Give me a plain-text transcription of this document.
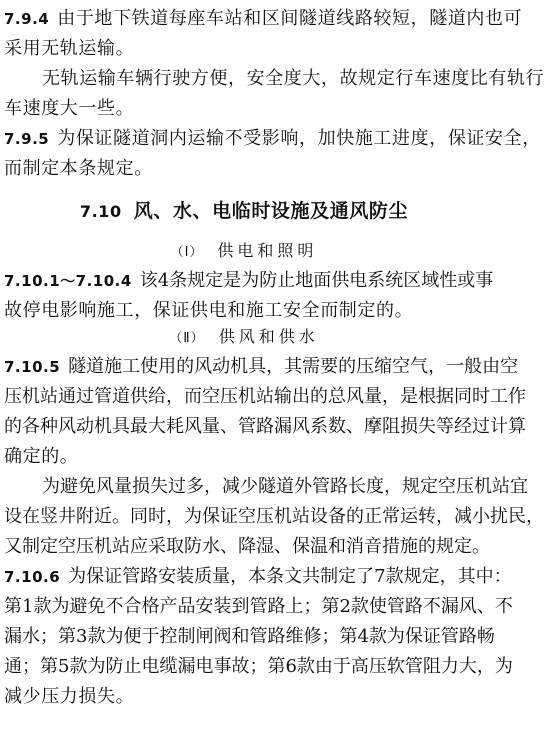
7.9.4 由于地下铁道每座车站和区间隧道线路较短，隧道内也可
采用无轨运输。
无轨运输车辆行驶方便，安全度大，故规定行车速度比有轨行
车速度大一些。
7.9.5 为保证隧道洞内运输不受影响，加快施工进度，保证安全，
而制定本条规定。
7.10 风、水、电临时设施及通风防尘
（Ⅰ） 供电和照明
7.10.1～7.10.4 该4条规定是为防止地面供电系统区域性或事
故停电影响施工，保证供电和施工安全而制定的。
（Ⅱ） 供风和供水
7.10.5 隧道施工使用的风动机具，其需要的压缩空气，一般由空
压机站通过管道供给，而空压机站输出的总风量，是根据同时工作
的各种风动机具最大耗风量、管路漏风系数、摩阻损失等经过计算
确定的。
为避免风量损失过多，减少隧道外管路长度，规定空压机站宜
设在竖井附近。同时，为保证空压机站设备的正常运转，减小扰民，
又制定空压机站应采取防水、降湿、保温和消音措施的规定。
7.10.6 为保证管路安装质量，本条文共制定了7款规定，其中：
第1款为避免不合格产品安装到管路上；第2款使管路不漏风、不
漏水；第3款为便于控制闸阀和管路维修；第4款为保证管路畅
通；第5款为防止电缆漏电事故；第6款由于高压软管阻力大，为
减少压力损失。
